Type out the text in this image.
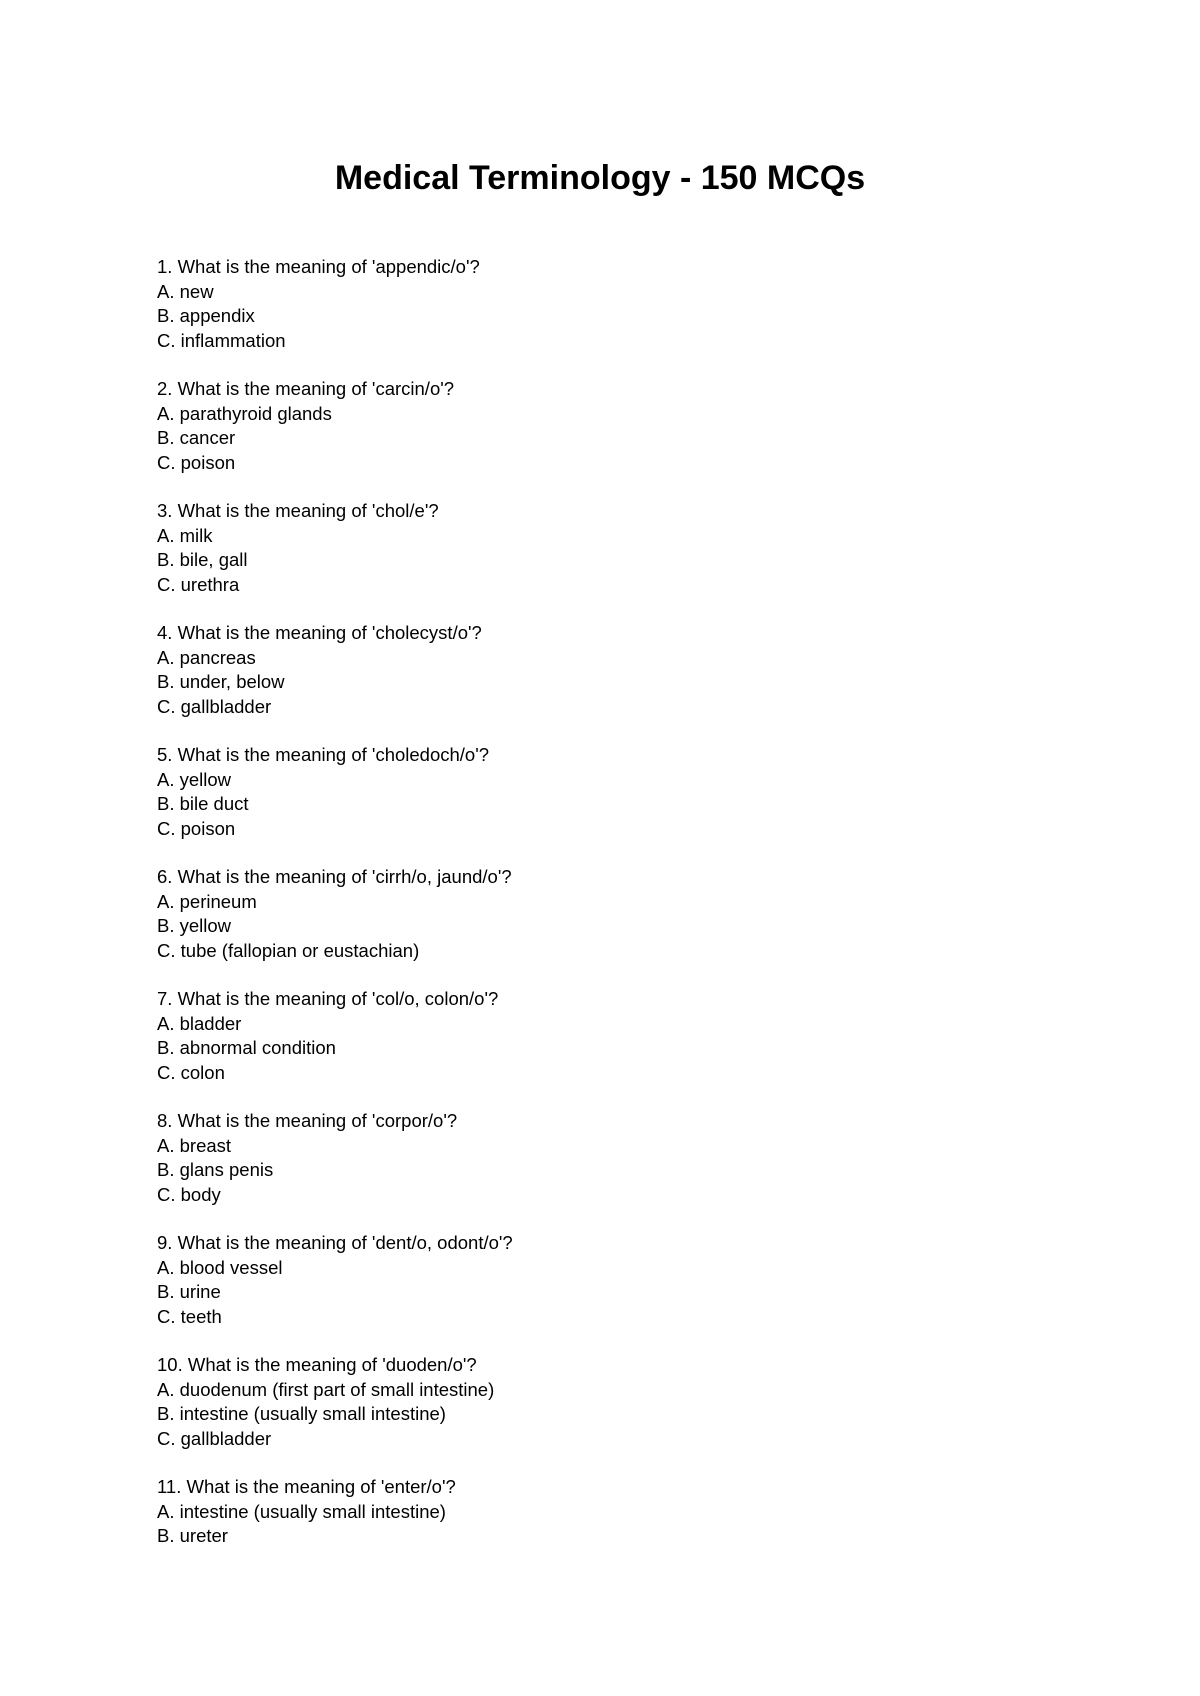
Medical Terminology - 150 MCQs
1. What is the meaning of 'appendic/o'?
A. new
B. appendix
C. inflammation
2. What is the meaning of 'carcin/o'?
A. parathyroid glands
B. cancer
C. poison
3. What is the meaning of 'chol/e'?
A. milk
B. bile, gall
C. urethra
4. What is the meaning of 'cholecyst/o'?
A. pancreas
B. under, below
C. gallbladder
5. What is the meaning of 'choledoch/o'?
A. yellow
B. bile duct
C. poison
6. What is the meaning of 'cirrh/o, jaund/o'?
A. perineum
B. yellow
C. tube (fallopian or eustachian)
7. What is the meaning of 'col/o, colon/o'?
A. bladder
B. abnormal condition
C. colon
8. What is the meaning of 'corpor/o'?
A. breast
B. glans penis
C. body
9. What is the meaning of 'dent/o, odont/o'?
A. blood vessel
B. urine
C. teeth
10. What is the meaning of 'duoden/o'?
A. duodenum (first part of small intestine)
B. intestine (usually small intestine)
C. gallbladder
11. What is the meaning of 'enter/o'?
A. intestine (usually small intestine)
B. ureter
